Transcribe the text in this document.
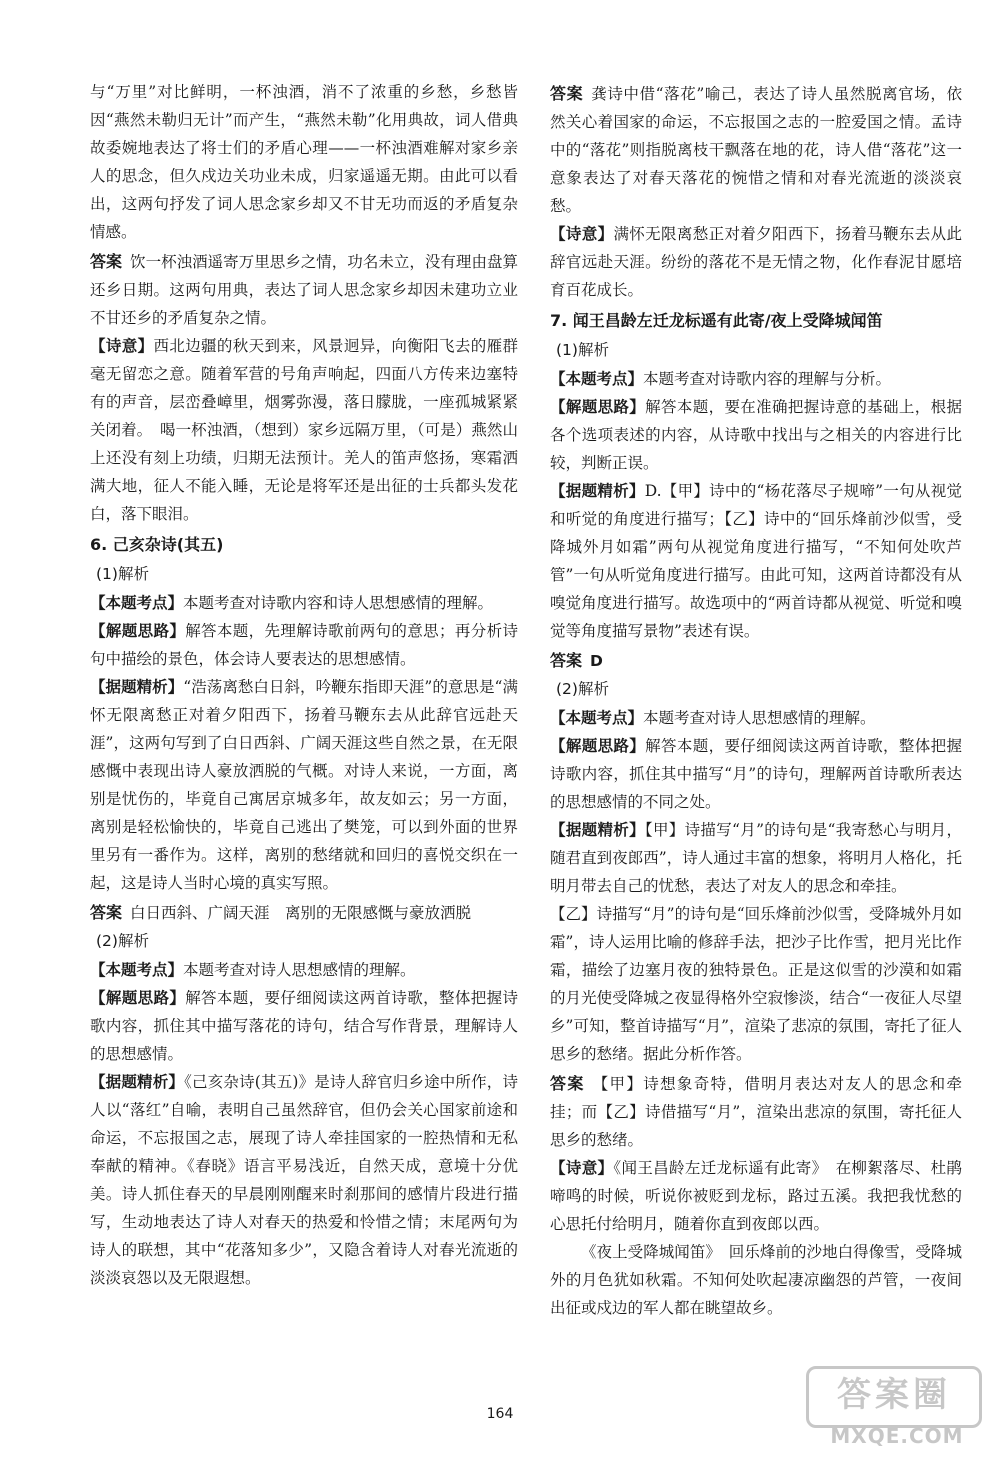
与“万里”对比鲜明，一杯浊酒，消不了浓重的乡愁，乡愁皆因“燕然未勒归无计”而产生，“燕然未勒”化用典故，词人借典故委婉地表达了将士们的矛盾心理——一杯浊酒难解对家乡亲人的思念，但久戍边关功业未成，归家遥遥无期。由此可以看出，这两句抒发了词人思念家乡却又不甘无功而返的矛盾复杂情感。

答案 饮一杯浊酒遥寄万里思乡之情，功名未立，没有理由盘算还乡日期。这两句用典，表达了词人思念家乡却因未建功立业不甘还乡的矛盾复杂之情。

【诗意】西北边疆的秋天到来，风景迥异，向衡阳飞去的雁群毫无留恋之意。随着军营的号角声响起，四面八方传来边塞特有的声音，层峦叠嶂里，烟雾弥漫，落日朦胧，一座孤城紧紧关闭着。　喝一杯浊酒，（想到）家乡远隔万里，（可是）燕然山上还没有刻上功绩，归期无法预计。羌人的笛声悠扬，寒霜洒满大地，征人不能入睡，无论是将军还是出征的士兵都头发花白，落下眼泪。

6. 己亥杂诗(其五)
(1)解析

【本题考点】本题考查对诗歌内容和诗人思想感情的理解。

【解题思路】解答本题，先理解诗歌前两句的意思；再分析诗句中描绘的景色，体会诗人要表达的思想感情。

【据题精析】“浩荡离愁白日斜，吟鞭东指即天涯”的意思是“满怀无限离愁正对着夕阳西下，扬着马鞭东去从此辞官远赴天涯”，这两句写到了白日西斜、广阔天涯这些自然之景，在无限感慨中表现出诗人豪放洒脱的气概。对诗人来说，一方面，离别是忧伤的，毕竟自己寓居京城多年，故友如云；另一方面，离别是轻松愉快的，毕竟自己逃出了樊笼，可以到外面的世界里另有一番作为。这样，离别的愁绪就和回归的喜悦交织在一起，这是诗人当时心境的真实写照。

答案 白日西斜、广阔天涯　离别的无限感慨与豪放洒脱

(2)解析

【本题考点】本题考查对诗人思想感情的理解。

【解题思路】解答本题，要仔细阅读这两首诗歌，整体把握诗歌内容，抓住其中描写落花的诗句，结合写作背景，理解诗人的思想感情。

【据题精析】《己亥杂诗(其五)》是诗人辞官归乡途中所作，诗人以“落红”自喻，表明自己虽然辞官，但仍会关心国家前途和命运，不忘报国之志，展现了诗人牵挂国家的一腔热情和无私奉献的精神。《春晓》语言平易浅近，自然天成，意境十分优美。诗人抓住春天的早晨刚刚醒来时刹那间的感情片段进行描写，生动地表达了诗人对春天的热爱和怜惜之情；末尾两句为诗人的联想，其中“花落知多少”，又隐含着诗人对春光流逝的淡淡哀怨以及无限遐想。

答案 龚诗中借“落花”喻己，表达了诗人虽然脱离官场，依然关心着国家的命运，不忘报国之志的一腔爱国之情。孟诗中的“落花”则指脱离枝干飘落在地的花，诗人借“落花”这一意象表达了对春天落花的惋惜之情和对春光流逝的淡淡哀愁。

【诗意】满怀无限离愁正对着夕阳西下，扬着马鞭东去从此辞官远赴天涯。纷纷的落花不是无情之物，化作春泥甘愿培育百花成长。

7. 闻王昌龄左迁龙标遥有此寄/夜上受降城闻笛
(1)解析

【本题考点】本题考查对诗歌内容的理解与分析。

【解题思路】解答本题，要在准确把握诗意的基础上，根据各个选项表述的内容，从诗歌中找出与之相关的内容进行比较，判断正误。

【据题精析】D.【甲】诗中的“杨花落尽子规啼”一句从视觉和听觉的角度进行描写；【乙】诗中的“回乐烽前沙似雪，受降城外月如霜”两句从视觉角度进行描写，“不知何处吹芦管”一句从听觉角度进行描写。由此可知，这两首诗都没有从嗅觉角度进行描写。故选项中的“两首诗都从视觉、听觉和嗅觉等角度描写景物”表述有误。

答案 D

(2)解析

【本题考点】本题考查对诗人思想感情的理解。

【解题思路】解答本题，要仔细阅读这两首诗歌，整体把握诗歌内容，抓住其中描写“月”的诗句，理解两首诗歌所表达的思想感情的不同之处。

【据题精析】【甲】诗描写“月”的诗句是“我寄愁心与明月，随君直到夜郎西”，诗人通过丰富的想象，将明月人格化，托明月带去自己的忧愁，表达了对友人的思念和牵挂。

【乙】诗描写“月”的诗句是“回乐烽前沙似雪，受降城外月如霜”，诗人运用比喻的修辞手法，把沙子比作雪，把月光比作霜，描绘了边塞月夜的独特景色。正是这似雪的沙漠和如霜的月光使受降城之夜显得格外空寂惨淡，结合“一夜征人尽望乡”可知，整首诗描写“月”，渲染了悲凉的氛围，寄托了征人思乡的愁绪。据此分析作答。

答案 【甲】诗想象奇特，借明月表达对友人的思念和牵挂；而【乙】诗借描写“月”，渲染出悲凉的氛围，寄托征人思乡的愁绪。

【诗意】《闻王昌龄左迁龙标遥有此寄》　在柳絮落尽、杜鹃啼鸣的时候，听说你被贬到龙标，路过五溪。我把我忧愁的心思托付给明月，随着你直到夜郎以西。

《夜上受降城闻笛》　回乐烽前的沙地白得像雪，受降城外的月色犹如秋霜。不知何处吹起凄凉幽怨的芦管，一夜间出征或戍边的军人都在眺望故乡。

164	答案圈
MXQE.COM
